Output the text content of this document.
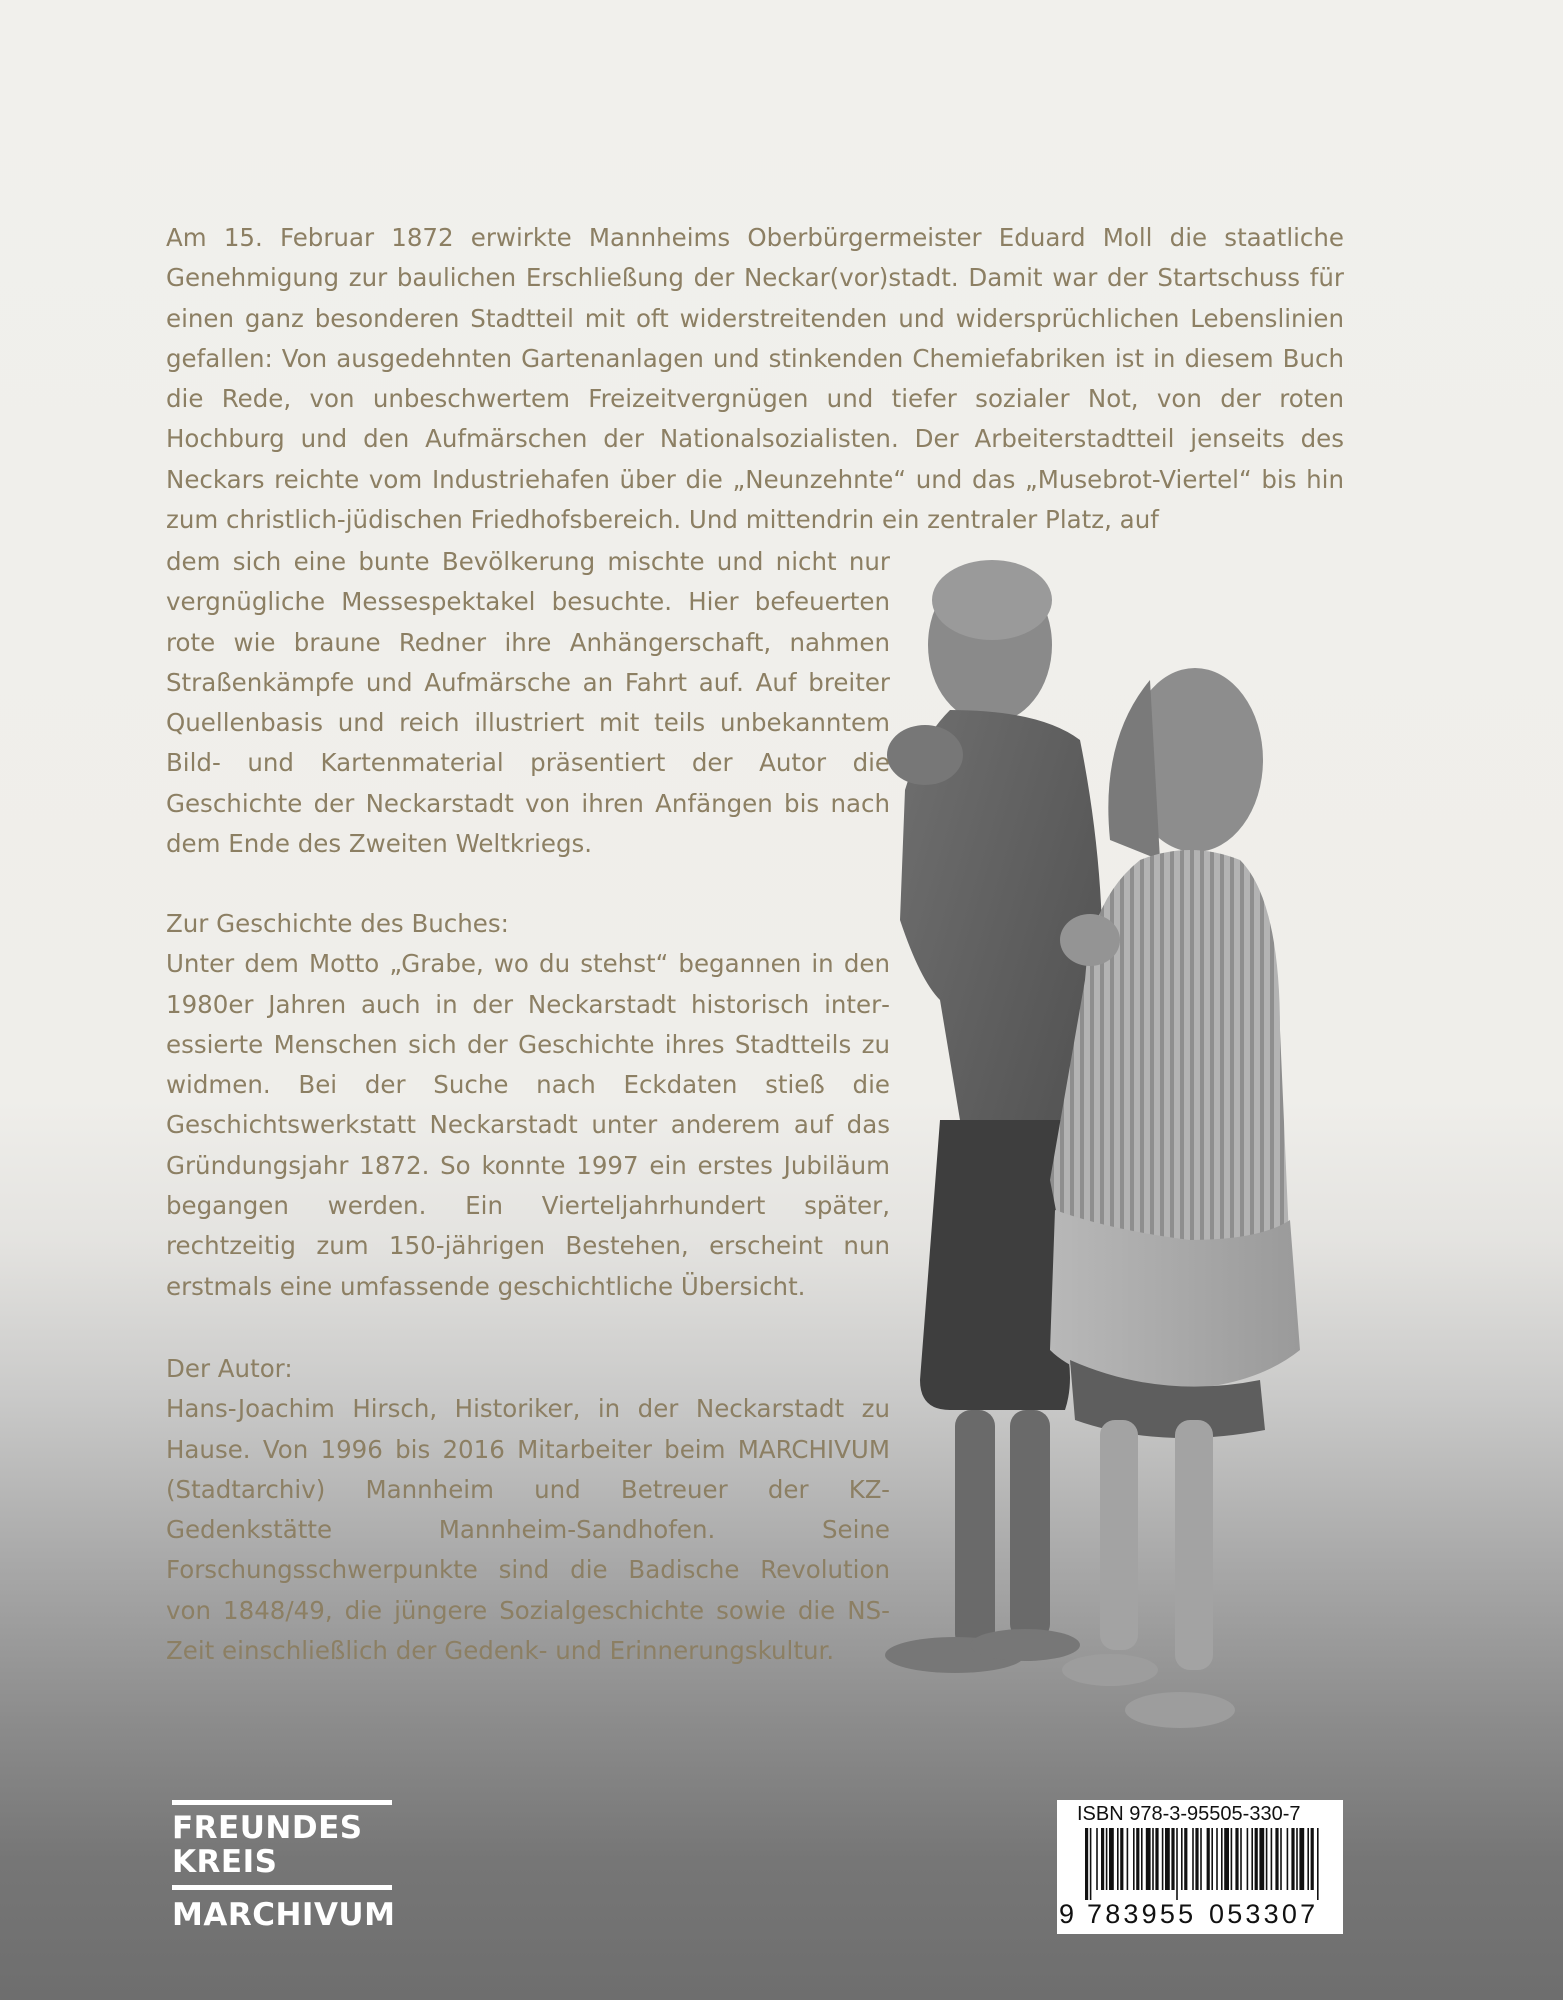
Am 15. Februar 1872 erwirkte Mannheims Oberbürgermeister Eduard Moll die staatliche Genehmigung zur baulichen Erschließung der Neckar(vor)stadt. Damit war der Startschuss für einen ganz besonderen Stadtteil mit oft widerstreitenden und widersprüchlichen Lebenslinien gefallen: Von ausgedehnten Gartenanlagen und stinkenden Chemiefabriken ist in diesem Buch die Rede, von unbeschwertem Freizeitvergnügen und tiefer sozialer Not, von der roten Hochburg und den Aufmärschen der Nationalsozialisten. Der Arbeiterstadtteil jenseits des Neckars reichte vom Industriehafen über die „Neunzehnte“ und das „Musebrot-Viertel“ bis hin zum christlich-jüdischen Friedhofsbereich. Und mittendrin ein zentraler Platz, auf

dem sich eine bunte Bevölkerung mischte und nicht nur vergnügliche Messespektakel besuchte. Hier befeuerten rote wie braune Redner ihre Anhängerschaft, nahmen Straßenkämpfe und Aufmärsche an Fahrt auf. Auf breiter Quellenbasis und reich illustriert mit teils unbekanntem Bild- und Kartenmaterial präsentiert der Autor die Geschichte der Neckarstadt von ihren Anfängen bis nach dem Ende des Zweiten Weltkriegs.

Zur Geschichte des Buches:

Unter dem Motto „Grabe, wo du stehst“ begannen in den 1980er Jahren auch in der Neckarstadt historisch interessierte Menschen sich der Geschichte ihres Stadtteils zu widmen. Bei der Suche nach Eckdaten stieß die Geschichtswerkstatt Neckarstadt unter anderem auf das Gründungsjahr 1872. So konnte 1997 ein erstes Jubiläum begangen werden. Ein Vierteljahrhundert später, rechtzeitig zum 150-jährigen Bestehen, erscheint nun erstmals eine umfassende geschichtliche Übersicht.

Der Autor:

Hans-Joachim Hirsch, Historiker, in der Neckarstadt zu Hause. Von 1996 bis 2016 Mitarbeiter beim MARCHIVUM (Stadtarchiv) Mannheim und Betreuer der KZ-Gedenkstätte Mannheim-Sandhofen. Seine Forschungsschwerpunkte sind die Badische Revolution von 1848/49, die jüngere Sozialgeschichte sowie die NS-Zeit einschließlich der Gedenk- und Erinnerungskultur.

FREUNDES
KREIS
MARCHIVUM
ISBN 978-3-95505-330-7
9 783955 053307
